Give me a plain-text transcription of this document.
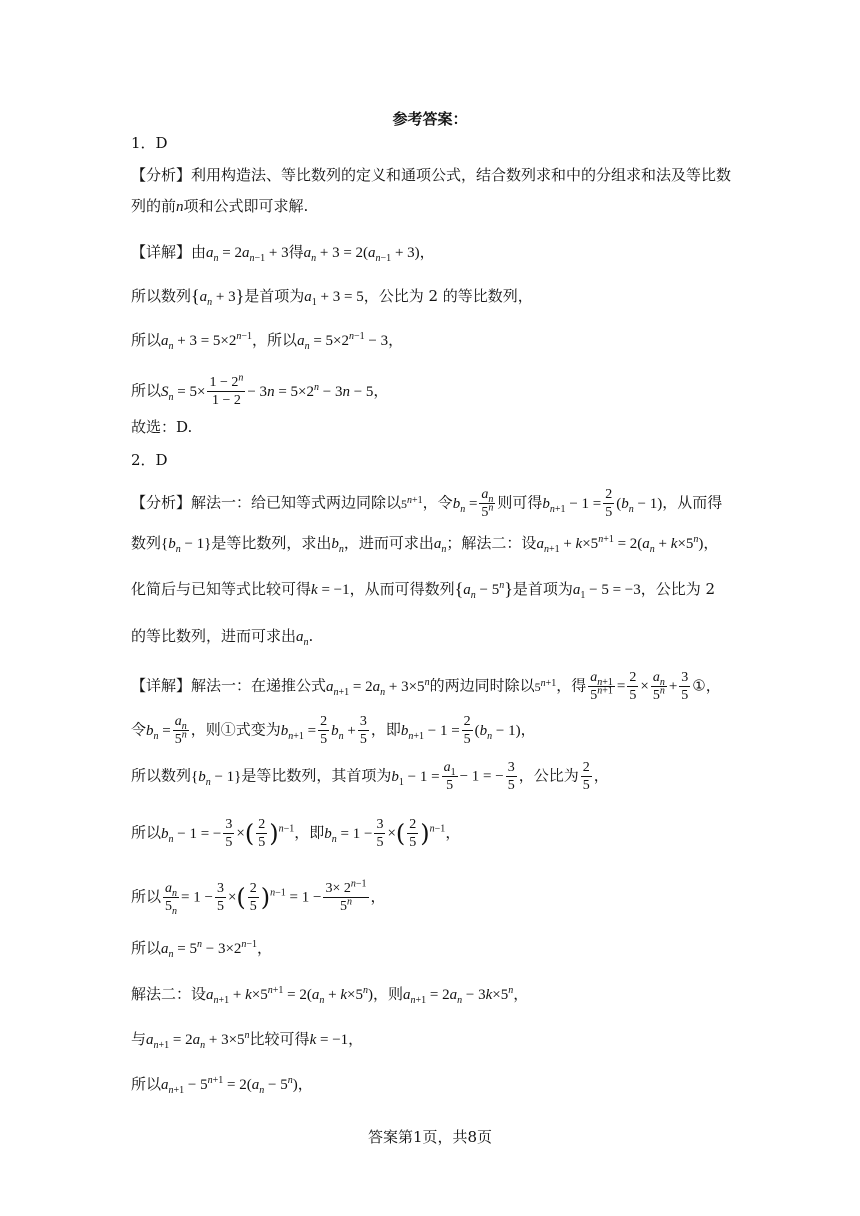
参考答案：
1．D
【分析】利用构造法、等比数列的定义和通项公式，结合数列求和中的分组求和法及等比数
列的前n项和公式即可求解.
【详解】由$a_n = 2a_{n-1} + 3$得$a_n + 3 = 2(a_{n-1} + 3)$，
所以数列$\{a_n + 3\}$是首项为$a_1 + 3 = 5$，公比为 2 的等比数列，
所以$a_n + 3 = 5\times 2^{n-1}$，所以$a_n = 5\times 2^{n-1} - 3$，
所以$S_n = 5\times \frac{1 - 2^n}{1 - 2} - 3n = 5\times 2^n - 3n - 5$，
故选：D.
2．D
【分析】解法一：给已知等式两边同除以$5^{n+1}$，令$b_n = \frac{a_n}{5^n}$ 则可得$b_{n+1} - 1 = \frac{2}{5} (b_n - 1)$，从而得
数列$\{b_n - 1\}$是等比数列，求出$b_n$，进而可求出$a_n$；解法二：设$a_{n+1} + k\times 5^{n+1} = 2(a_n + k\times 5^n)$，
化简后与已知等式比较可得k = −1，从而可得数列$\{a_n - 5^n\}$是首项为$a_1 - 5 = -3$，公比为 2
的等比数列，进而可求出$a_n$.
【详解】解法一：在递推公式$a_{n+1} = 2a_n + 3\times 5^n$的两边同时除以$5^{n+1}$，得 $\frac{a_{n+1}}{5^{n+1}} = \frac{2}{5} \times \frac{a_n}{5^n} + \frac{3}{5}$ ①，
令$b_n = \frac{a_n}{5^n}$ ，则①式变为$b_{n+1} = \frac{2}{5} b_n + \frac{3}{5}$ ，即$b_{n+1} - 1 = \frac{2}{5} (b_n - 1)$，
所以数列$\{b_n - 1\}$是等比数列，其首项为$b_1 - 1 = \frac{a_1}{5} - 1$ = − $\frac{3}{5}$ ，公比为 $\frac{2}{5}$ ，
所以$b_n - 1$ = − $\frac{3}{5}$ ×( $\frac{2}{5} )^{n-1}$，即$b_n = 1 - \frac{3}{5}$ ×( $\frac{2}{5} )^{n-1}$，
所以 $\frac{a_n}{5_n} = 1 - \frac{3}{5}$ ×( $\frac{2}{5} )^{n-1} = 1 - \frac{3\times 2^{n-1}}{5^n}$ ，
所以$a_n = 5^n - 3\times 2^{n-1}$，
解法二：设$a_{n+1} + k\times 5^{n+1} = 2(a_n + k\times 5^n)$，则$a_{n+1} = 2a_n - 3k\times 5^n$，
与$a_{n+1} = 2a_n + 3\times 5^n$比较可得k = −1，
所以$a_{n+1} - 5^{n+1} = 2(a_n - 5^n)$，
答案第1页，共8页
